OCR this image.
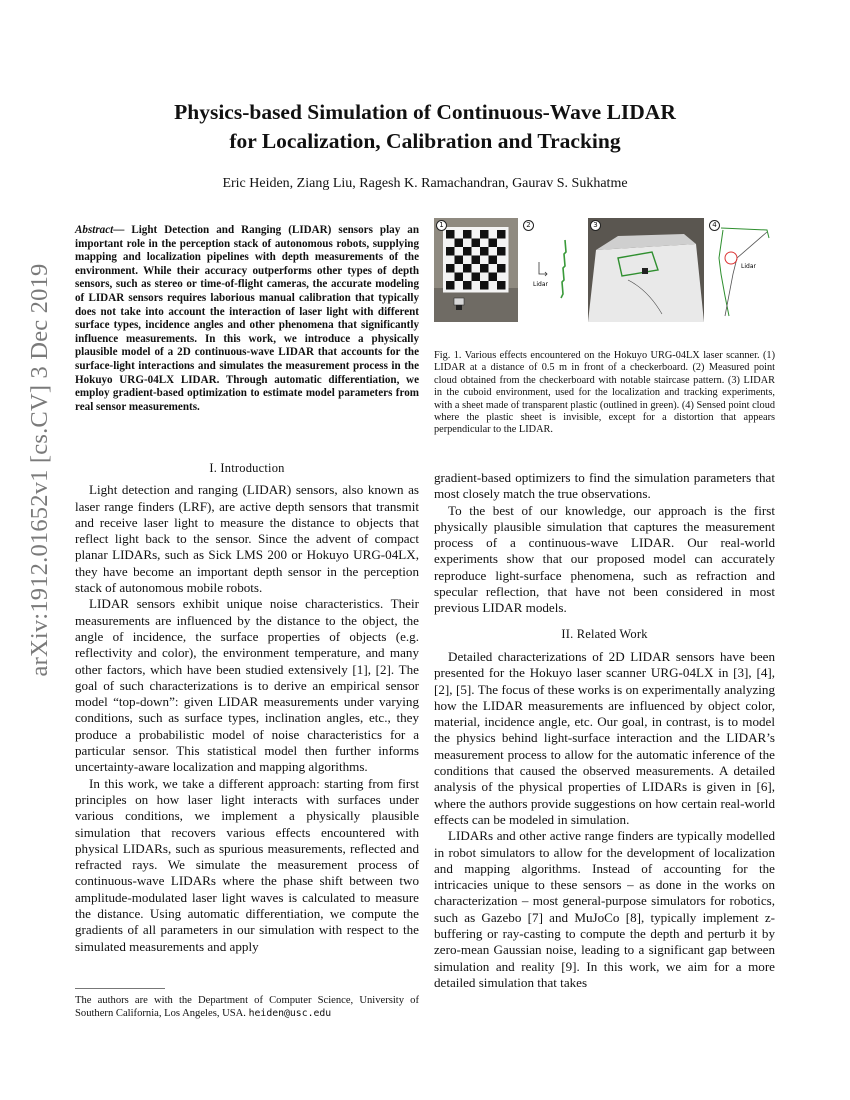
arXiv:1912.01652v1 [cs.CV] 3 Dec 2019
Physics-based Simulation of Continuous-Wave LIDAR
for Localization, Calibration and Tracking
Eric Heiden, Ziang Liu, Ragesh K. Ramachandran, Gaurav S. Sukhatme
Abstract— Light Detection and Ranging (LIDAR) sensors play an important role in the perception stack of autonomous robots, supplying mapping and localization pipelines with depth measurements of the environment. While their accuracy outperforms other types of depth sensors, such as stereo or time-of-flight cameras, the accurate modeling of LIDAR sensors requires laborious manual calibration that typically does not take into account the interaction of laser light with different surface types, incidence angles and other phenomena that significantly influence measurements. In this work, we introduce a physically plausible model of a 2D continuous-wave LIDAR that accounts for the surface-light interactions and simulates the measurement process in the Hokuyo URG-04LX LIDAR. Through automatic differentiation, we employ gradient-based optimization to estimate model parameters from real sensor measurements.
I. Introduction

Light detection and ranging (LIDAR) sensors, also known as laser range finders (LRF), are active depth sensors that transmit and receive laser light to measure the distance to objects that reflect light back to the sensor. Since the advent of compact planar LIDARs, such as Sick LMS 200 or Hokuyo URG-04LX, they have become an important depth sensor in the perception stack of autonomous mobile robots.

LIDAR sensors exhibit unique noise characteristics. Their measurements are influenced by the distance to the object, the angle of incidence, the surface properties of objects (e.g. reflectivity and color), the environment temperature, and many other factors, which have been studied extensively [1], [2]. The goal of such characterizations is to derive an empirical sensor model “top-down”: given LIDAR measurements under varying conditions, such as surface types, inclination angles, etc., they produce a probabilistic model of noise characteristics for a particular sensor. This statistical model then further informs uncertainty-aware localization and mapping algorithms.

In this work, we take a different approach: starting from first principles on how laser light interacts with surfaces under various conditions, we implement a physically plausible simulation that recovers various effects encountered with physical LIDARs, such as spurious measurements, reflected and refracted rays. We simulate the measurement process of continuous-wave LIDARs where the phase shift between two amplitude-modulated laser light waves is calculated to measure the distance. Using automatic differentiation, we compute the gradients of all parameters in our simulation with respect to the simulated measurements and apply

The authors are with the Department of Computer Science, University of Southern California, Los Angeles, USA. heiden@usc.edu
1
Lidar
2	3
Lidar
4
Fig. 1. Various effects encountered on the Hokuyo URG-04LX laser scanner. (1) LIDAR at a distance of 0.5 m in front of a checkerboard. (2) Measured point cloud obtained from the checkerboard with notable staircase pattern. (3) LIDAR in the cuboid environment, used for the localization and tracking experiments, with a sheet made of transparent plastic (outlined in green). (4) Sensed point cloud where the plastic sheet is invisible, except for a distortion that appears perpendicular to the LIDAR.

gradient-based optimizers to find the simulation parameters that most closely match the true observations.

To the best of our knowledge, our approach is the first physically plausible simulation that captures the measurement process of a continuous-wave LIDAR. Our real-world experiments show that our proposed model can accurately reproduce light-surface phenomena, such as refraction and specular reflection, that have not been considered in most previous LIDAR models.

II. Related Work

Detailed characterizations of 2D LIDAR sensors have been presented for the Hokuyo laser scanner URG-04LX in [3], [4], [2], [5]. The focus of these works is on experimentally analyzing how the LIDAR measurements are influenced by object color, material, incidence angle, etc. Our goal, in contrast, is to model the physics behind light-surface interaction and the LIDAR’s measurement process to allow for the automatic inference of the conditions that caused the observed measurements. A detailed analysis of the physical properties of LIDARs is given in [6], where the authors provide suggestions on how certain real-world effects can be modeled in simulation.

LIDARs and other active range finders are typically modelled in robot simulators to allow for the development of localization and mapping algorithms. Instead of accounting for the intricacies unique to these sensors – as done in the works on characterization – most general-purpose simulators for robotics, such as Gazebo [7] and MuJoCo [8], typically implement z-buffering or ray-casting to compute the depth and perturb it by zero-mean Gaussian noise, leading to a significant gap between simulation and reality [9]. In this work, we aim for a more detailed simulation that takes
